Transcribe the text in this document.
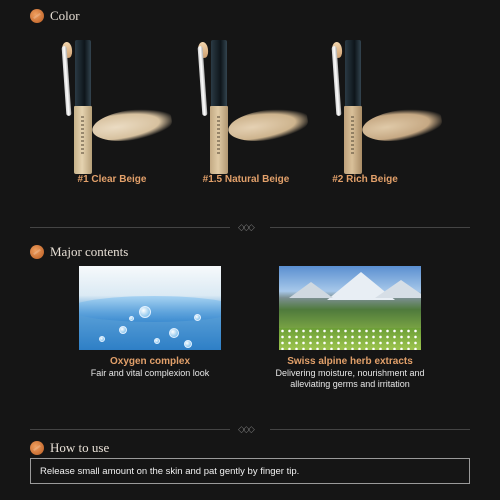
Color
#1 Clear Beige	#1.5 Natural Beige	#2 Rich Beige
◇◇◇
Major contents
Oxygen complex
Fair and vital complexion look
Swiss alpine herb extracts
Delivering moisture, nourishment and alleviating germs and irritation
◇◇◇
How to use
Release small amount on the skin and pat gently by finger tip.
